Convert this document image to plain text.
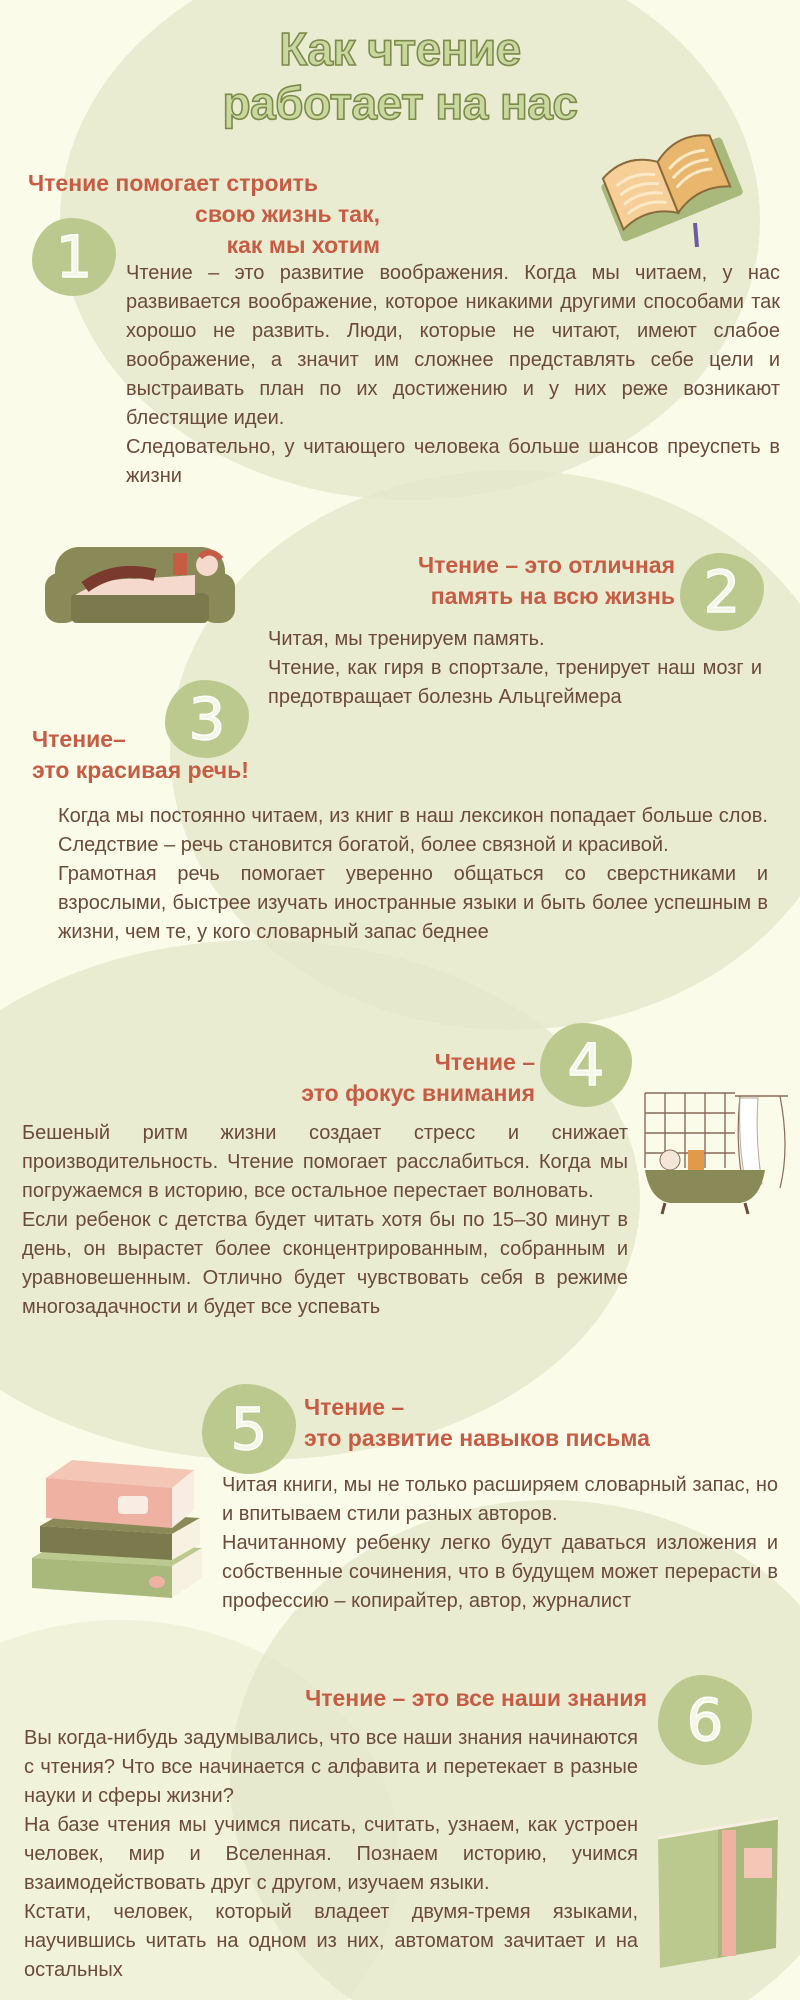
Как чтение
работает на нас
1
Чтение помогает строить
свою жизнь так,
как мы хотим

Чтение – это развитие воображения. Когда мы читаем, у нас развивается воображение, которое никакими другими способами так хорошо не развить. Люди, которые не читают, имеют слабое воображение, а значит им сложнее представлять себе цели и выстраивать план по их достижению и у них реже возникают блестящие идеи.

Следовательно, у читающего человека больше шансов преуспеть в жизни

Чтение – это отличная
память на всю жизнь 2

Читая, мы тренируем память.

Чтение, как гиря в спортзале, тренирует наш мозг и предотвращает болезнь Альцгеймера

3
Чтение–
это красивая речь!

Когда мы постоянно читаем, из книг в наш лексикон попадает больше слов. Следствие – речь становится богатой, более связной и красивой.

Грамотная речь помогает уверенно общаться со сверстниками и взрослыми, быстрее изучать иностранные языки и быть более успешным в жизни, чем те, у кого словарный запас беднее

Чтение –
это фокус внимания 4

Бешеный ритм жизни создает стресс и снижает производительность. Чтение помогает расслабиться. Когда мы погружаемся в историю, все остальное перестает волновать.

Если ребенок с детства будет читать хотя бы по 15–30 минут в день, он вырастет более сконцентрированным, собранным и уравновешенным. Отлично будет чувствовать себя в режиме многозадачности и будет все успевать

5	Чтение –
это развитие навыков письма

Читая книги, мы не только расширяем словарный запас, но и впитываем стили разных авторов.

Начитанному ребенку легко будут даваться изложения и собственные сочинения, что в будущем может перерасти в профессию – копирайтер, автор, журналист

Чтение – это все наши знания 6

Вы когда-нибудь задумывались, что все наши знания начинаются с чтения? Что все начинается с алфавита и перетекает в разные науки и сферы жизни?

На базе чтения мы учимся писать, считать, узнаем, как устроен человек, мир и Вселенная. Познаем историю, учимся взаимодействовать друг с другом, изучаем языки.

Кстати, человек, который владеет двумя-тремя языками, научившись читать на одном из них, автоматом зачитает и на остальных
